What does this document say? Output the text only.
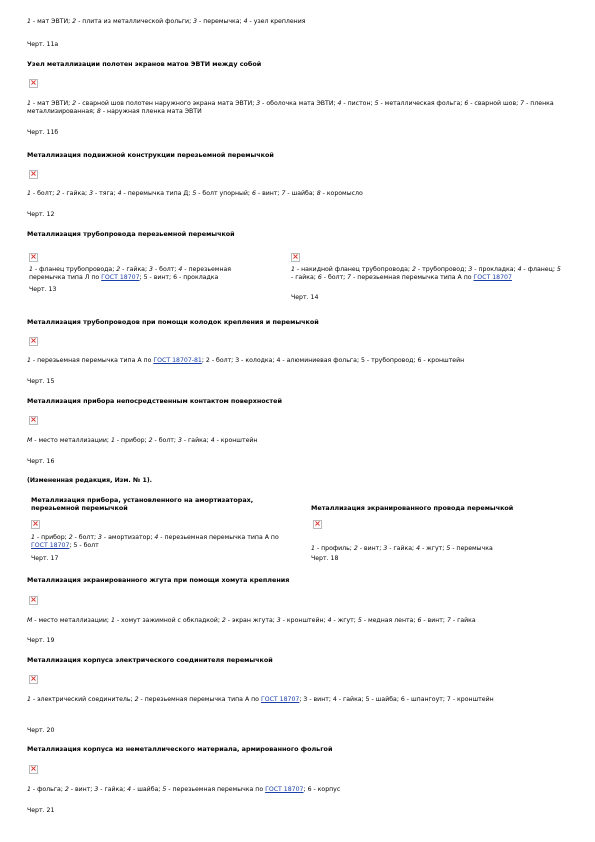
1 - мат ЭВТИ; 2 - плита из металлической фольги; 3 - перемычка; 4 - узел крепления
Черт. 11а
Узел металлизации полотен экранов матов ЭВТИ между собой
×
1 - мат ЭВТИ; 2 - сварной шов полотен наружного экрана мата ЭВТИ; 3 - оболочка мата ЭВТИ; 4 - пистон; 5 - металлическая фольга; 6 - сварной шов; 7 - пленка металлизированная; 8 - наружная пленка мата ЭВТИ
Черт. 11б
Металлизация подвижной конструкции перезьемной перемычкой
×
1 - болт; 2 - гайка; 3 - тяга; 4 - перемычка типа Д; 5 - болт упорный; 6 - винт; 7 - шайба; 8 - коромысло
Черт. 12
Металлизация трубопровода перезьемной перемычкой
×
1 - фланец трубопровода; 2 - гайка; 3 - болт; 4 - перезьемная перемычка типа Л по ГОСТ 18707; 5 - винт; 6 - прокладка
Черт. 13
×
1 - накидной фланец трубопровода; 2 - трубопровод; 3 - прокладка; 4 - фланец; 5 - гайка; 6 - болт; 7 - перезьемная перемычка типа А по ГОСТ 18707
Черт. 14
Металлизация трубопроводов при помощи колодок крепления и перемычкой
×
1 - перезьемная перемычка типа А по ГОСТ 18707-81; 2 - болт; 3 - колодка; 4 - алюминиевая фольга; 5 - трубопровод; 6 - кронштейн
Черт. 15
Металлизация прибора непосредственным контактом поверхностей
×
М - место металлизации; 1 - прибор; 2 - болт; 3 - гайка; 4 - кронштейн
Черт. 16
(Измененная редакция, Изм. № 1).
Металлизация прибора, установленного на амортизаторах, перезьемной перемычкой
×
1 - прибор; 2 - болт; 3 - амортизатор; 4 - перезьемная перемычка типа А по ГОСТ 18707; 5 - болт
Черт. 17
Металлизация экранированного провода перемычкой
×
1 - профиль; 2 - винт; 3 - гайка; 4 - жгут; 5 - перемычка
Черт. 18
Металлизация экранированного жгута при помощи хомута крепления
×
М - место металлизации; 1 - хомут зажимной с обкладкой; 2 - экран жгута; 3 - кронштейн; 4 - жгут; 5 - медная лента; 6 - винт; 7 - гайка
Черт. 19
Металлизация корпуса электрического соединителя перемычкой
×
1 - электрический соединитель; 2 - перезьемная перемычка типа А по ГОСТ 18707; 3 - винт; 4 - гайка; 5 - шайба; 6 - шпангоут; 7 - кронштейн
Черт. 20
Металлизация корпуса из неметаллического материала, армированного фольгой
×
1 - фольга; 2 - винт; 3 - гайка; 4 - шайба; 5 - перезьемная перемычка по ГОСТ 18707; 6 - корпус
Черт. 21
